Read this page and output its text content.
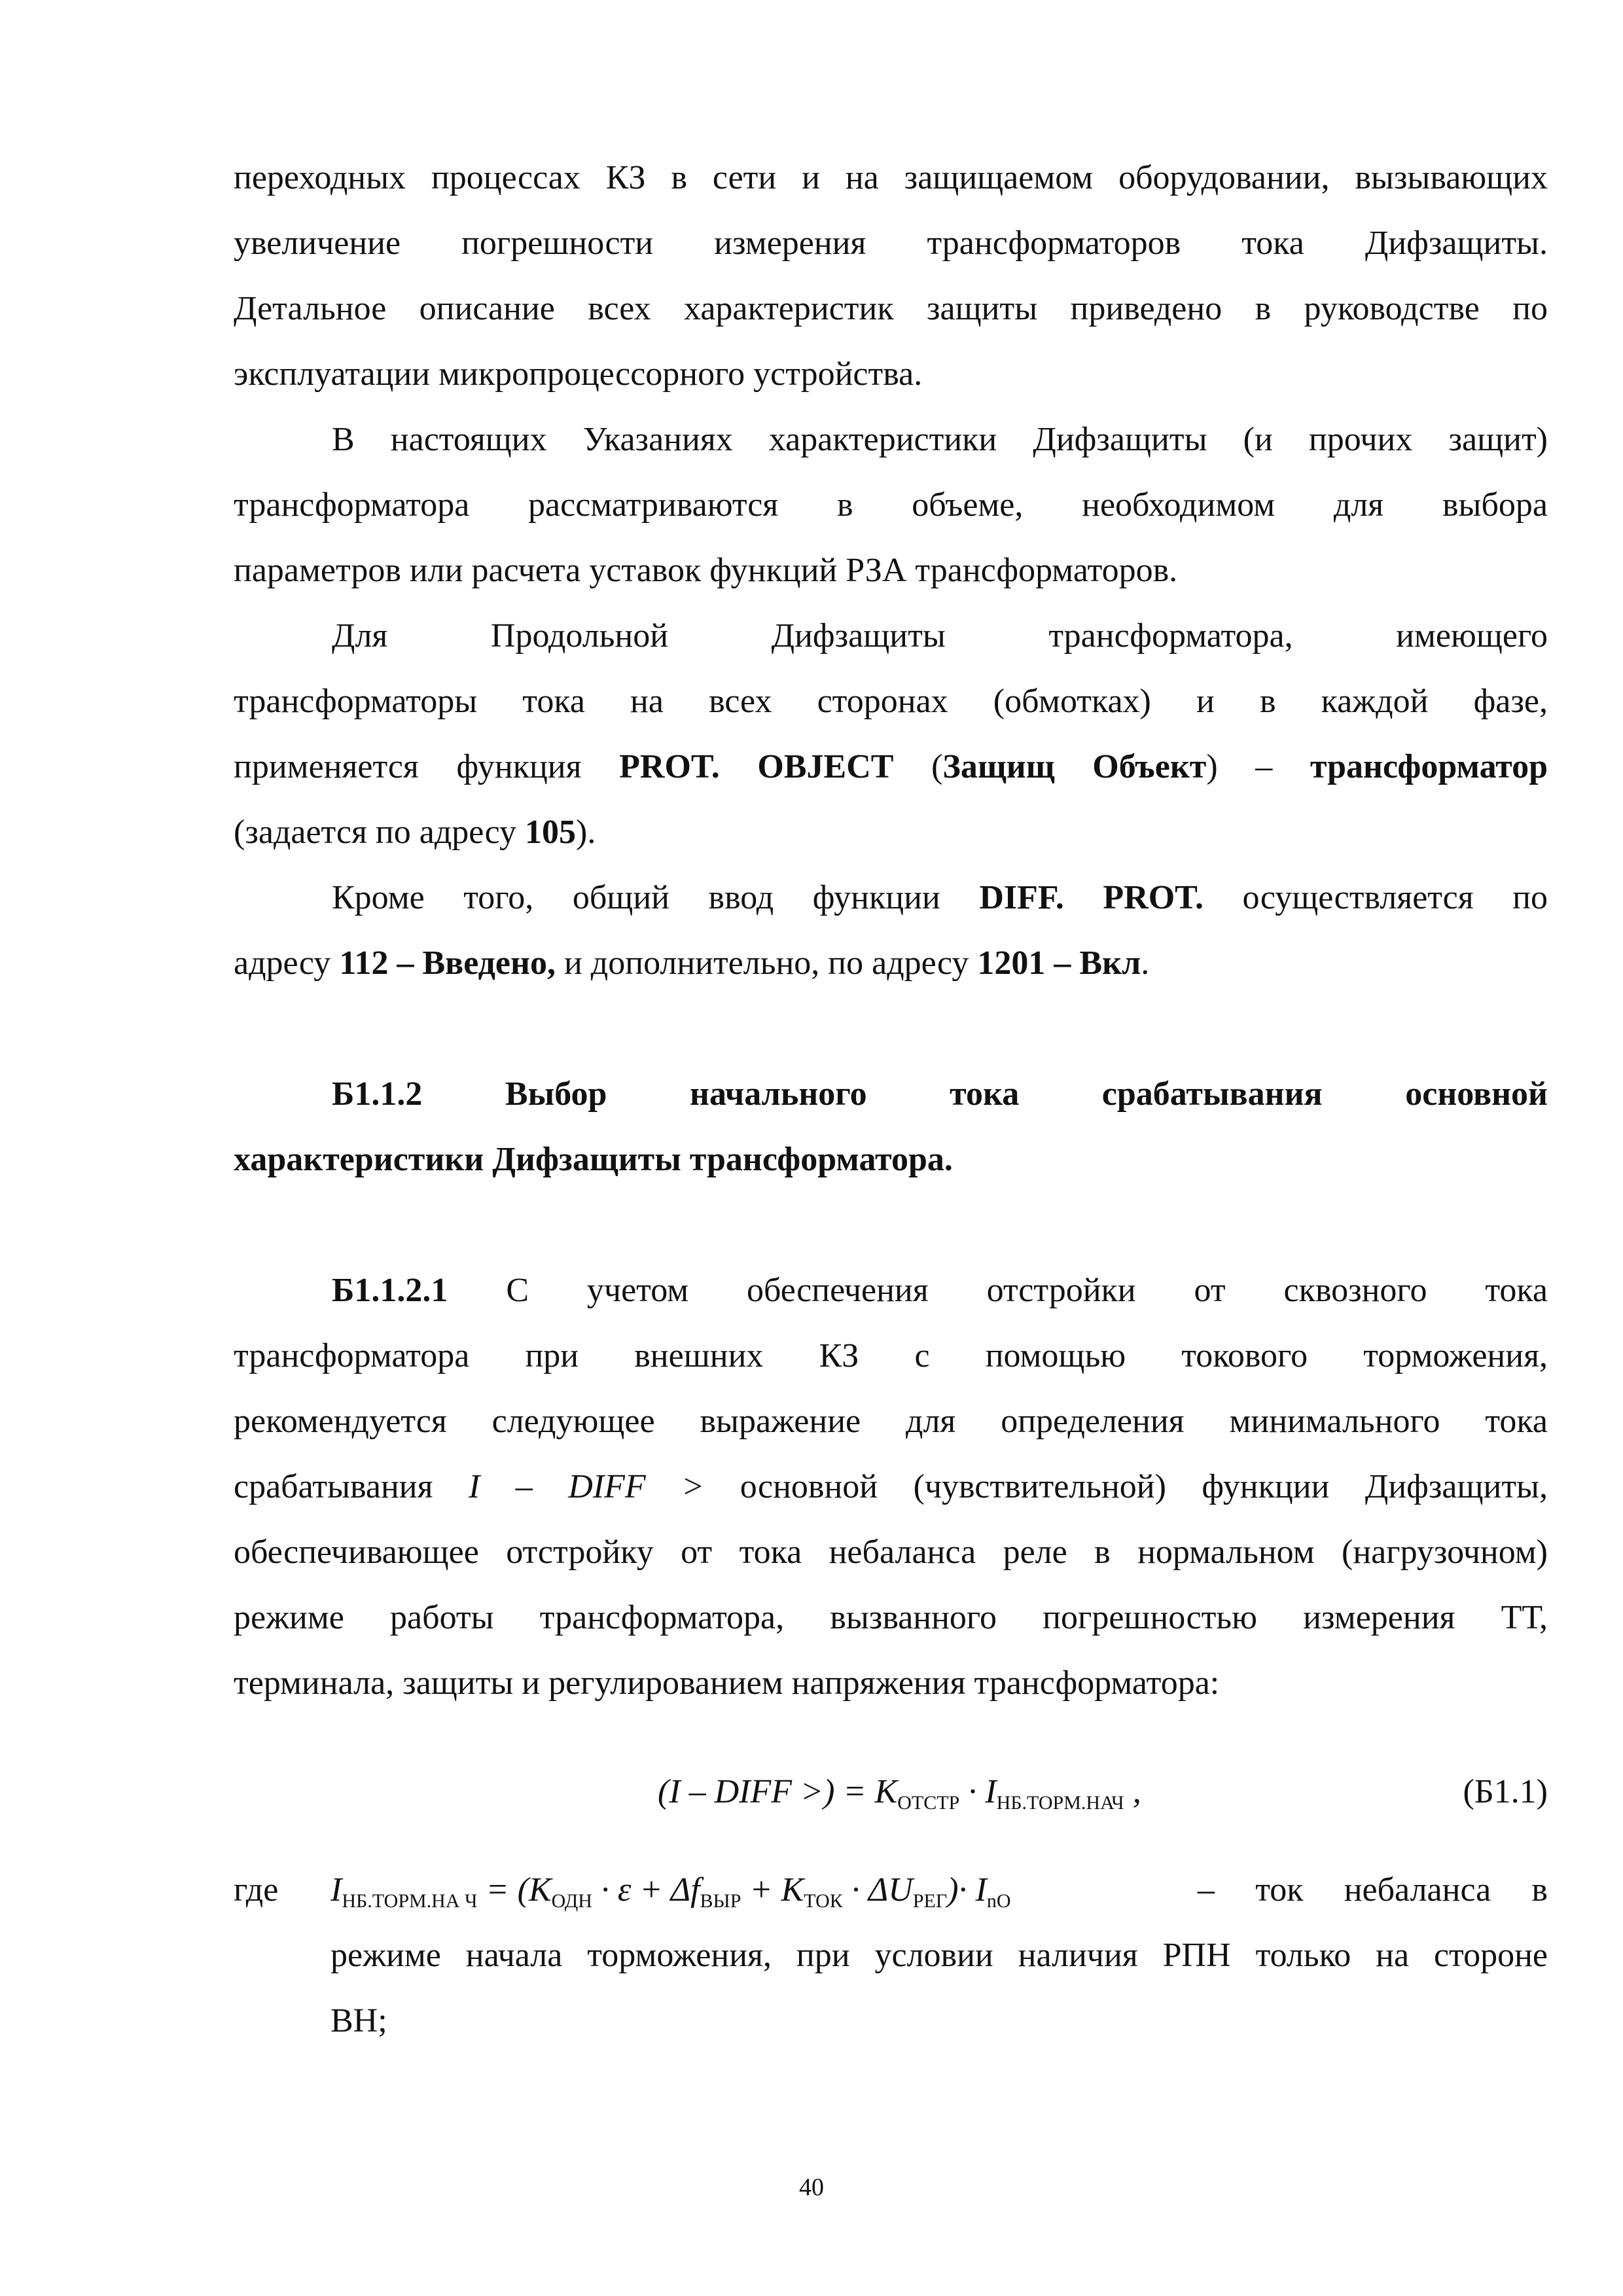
переходных процессах КЗ в сети и на защищаемом оборудовании, вызывающих
увеличение погрешности измерения трансформаторов тока Дифзащиты.
Детальное описание всех характеристик защиты приведено в руководстве по
эксплуатации микропроцессорного устройства.
В настоящих Указаниях характеристики Дифзащиты (и прочих защит)
трансформатора рассматриваются в объеме, необходимом для выбора
параметров или расчета уставок функций РЗА трансформаторов.
Для Продольной Дифзащиты трансформатора, имеющего
трансформаторы тока на всех сторонах (обмотках) и в каждой фазе,
применяется функция PROT. OBJECT (Защищ Объект) – трансформатор
(задается по адресу 105).
Кроме того, общий ввод функции DIFF. PROT. осуществляется по
адресу 112 – Введено, и дополнительно, по адресу 1201 – Вкл.
Б1.1.2 Выбор начального тока срабатывания основной
характеристики Дифзащиты трансформатора.
Б1.1.2.1 С учетом обеспечения отстройки от сквозного тока
трансформатора при внешних КЗ с помощью токового торможения,
рекомендуется следующее выражение для определения минимального тока
срабатывания I – DIFF > основной (чувствительной) функции Дифзащиты,
обеспечивающее отстройку от тока небаланса реле в нормальном (нагрузочном)
режиме работы трансформатора, вызванного погрешностью измерения ТТ,
терминала, защиты и регулированием напряжения трансформатора:
(I – DIFF >) = $K_{ОТСТР} \cdot I_{НБ.ТОРМ.НАЧ}$ ,	(Б1.1)
где $I_{НБ.ТОРМ.НА Ч} = (K_{ОДН} \cdot \varepsilon + \Delta f_{ВЫР} + K_{ТОК} \cdot \Delta U_{РЕГ})\cdot I_{nO}$	– ток небаланса в
режиме начала торможения, при условии наличия РПН только на стороне
ВН;
40
